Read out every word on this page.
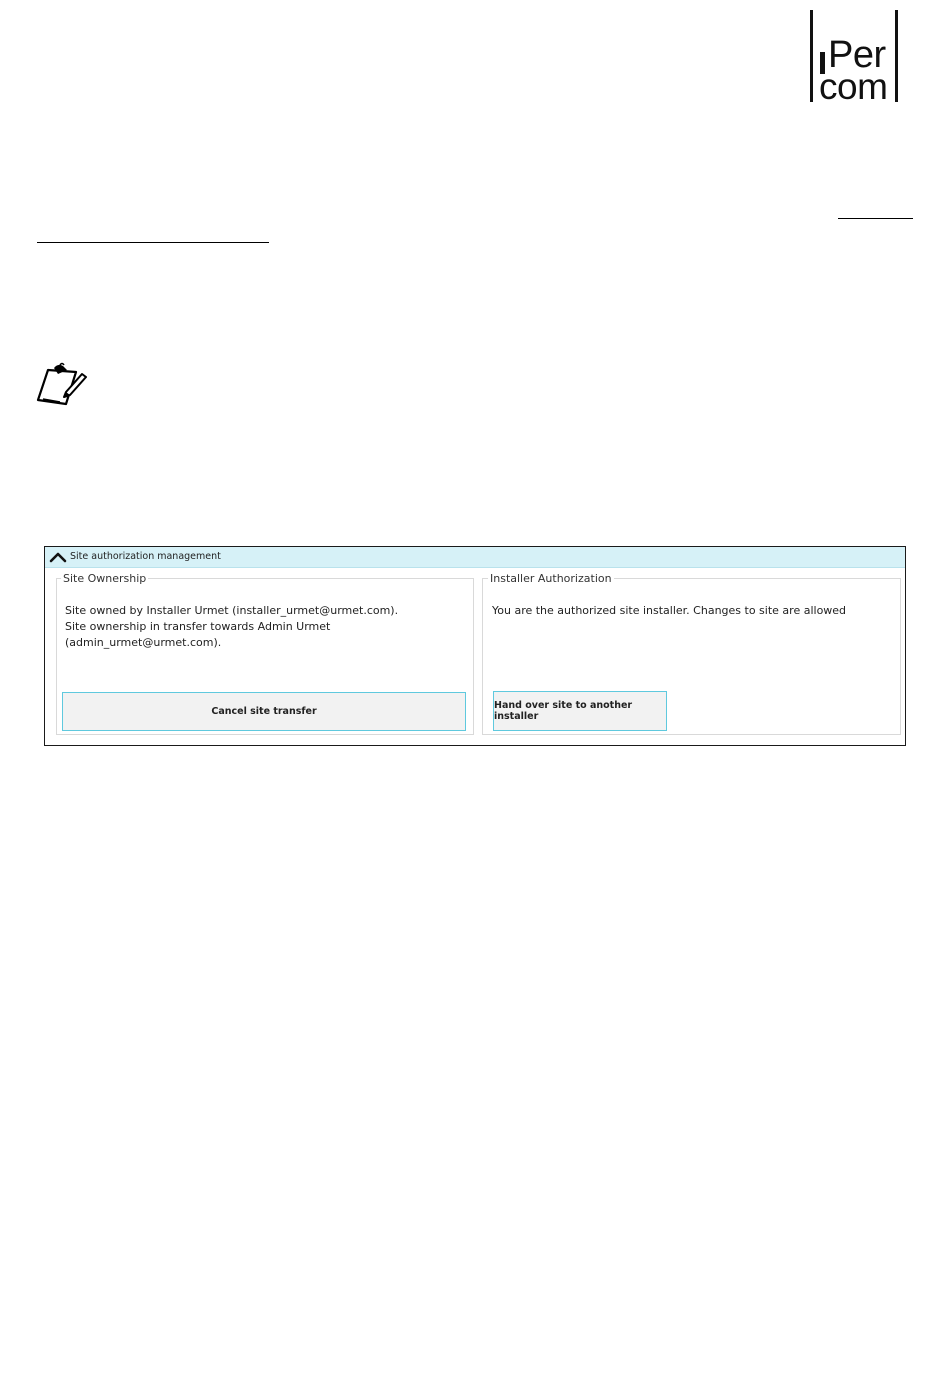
Per
com
Site authorization management
Site Ownership
Site owned by Installer Urmet (installer_urmet@urmet.com). Site ownership in transfer towards Admin Urmet (admin_urmet@urmet.com).
Cancel site transfer
Installer Authorization
You are the authorized site installer. Changes to site are allowed
Hand over site to another installer
